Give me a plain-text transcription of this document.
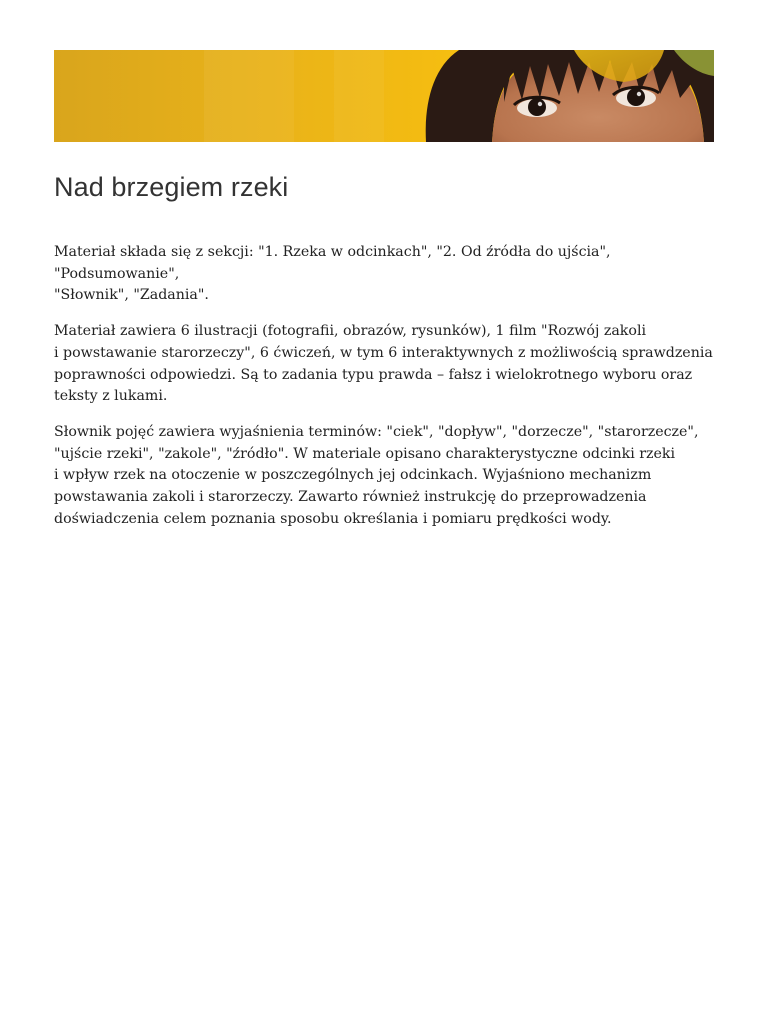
Nad brzegiem rzeki

Materiał składa się z sekcji: "1. Rzeka w odcinkach", "2. Od źródła do ujścia", "Podsumowanie",
"Słownik", "Zadania".

Materiał zawiera 6 ilustracji (fotografii, obrazów, rysunków), 1 film "Rozwój zakoli
i powstawanie starorzeczy", 6 ćwiczeń, w tym 6 interaktywnych z możliwością sprawdzenia
poprawności odpowiedzi. Są to zadania typu prawda – fałsz i wielokrotnego wyboru oraz
teksty z lukami.

Słownik pojęć zawiera wyjaśnienia terminów: "ciek", "dopływ", "dorzecze", "starorzecze",
"ujście rzeki", "zakole", "źródło". W materiale opisano charakterystyczne odcinki rzeki
i wpływ rzek na otoczenie w poszczególnych jej odcinkach. Wyjaśniono mechanizm
powstawania zakoli i starorzeczy. Zawarto również instrukcję do przeprowadzenia
doświadczenia celem poznania sposobu określania i pomiaru prędkości wody.
